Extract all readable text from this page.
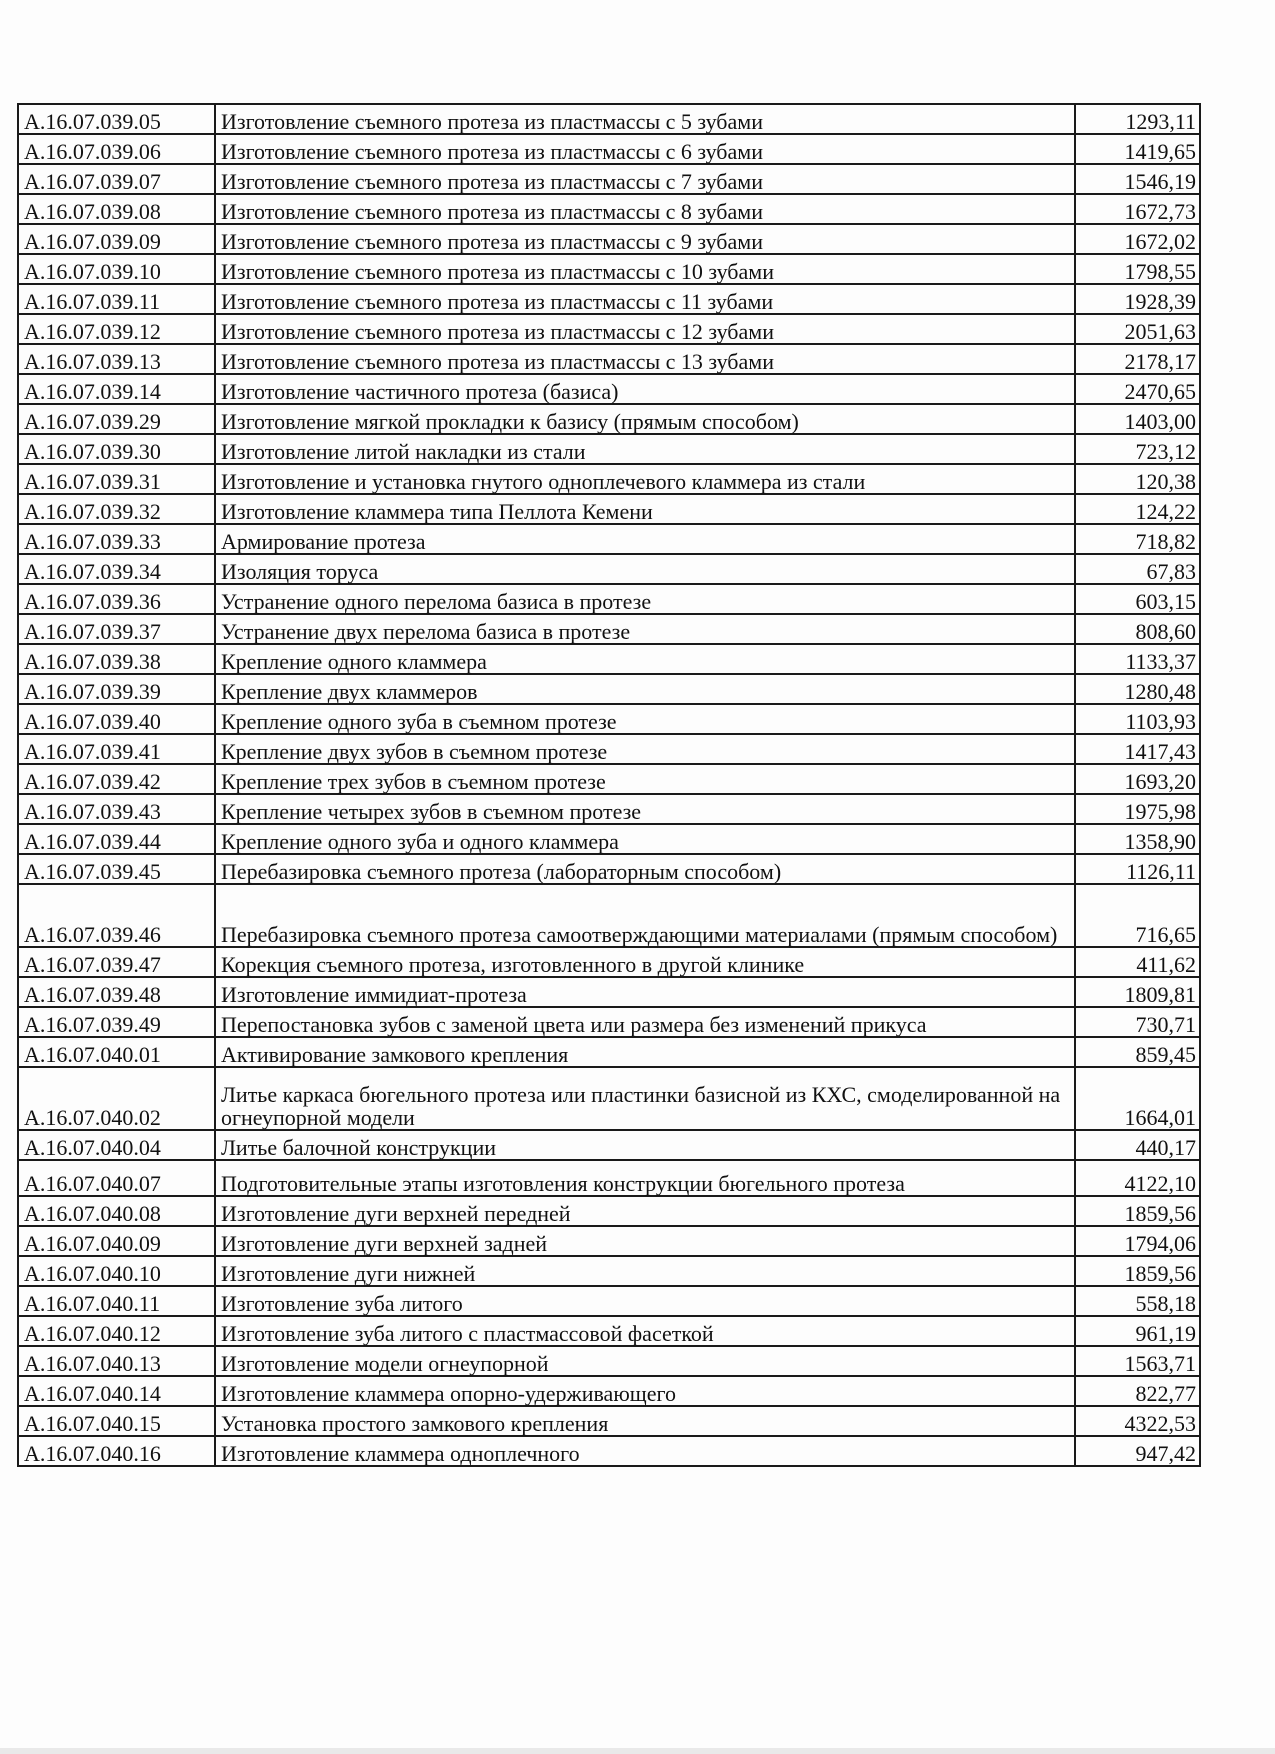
A.16.07.039.05	Изготовление съемного протеза из пластмассы с 5 зубами	1293,11
A.16.07.039.06	Изготовление съемного протеза из пластмассы с 6 зубами	1419,65
A.16.07.039.07	Изготовление съемного протеза из пластмассы с 7 зубами	1546,19
A.16.07.039.08	Изготовление съемного протеза из пластмассы с 8 зубами	1672,73
A.16.07.039.09	Изготовление съемного протеза из пластмассы с 9 зубами	1672,02
A.16.07.039.10	Изготовление съемного протеза из пластмассы с 10 зубами	1798,55
A.16.07.039.11	Изготовление съемного протеза из пластмассы с 11 зубами	1928,39
A.16.07.039.12	Изготовление съемного протеза из пластмассы с 12 зубами	2051,63
A.16.07.039.13	Изготовление съемного протеза из пластмассы с 13 зубами	2178,17
A.16.07.039.14	Изготовление частичного протеза (базиса)	2470,65
A.16.07.039.29	Изготовление мягкой прокладки к базису (прямым способом)	1403,00
A.16.07.039.30	Изготовление литой накладки из стали	723,12
A.16.07.039.31	Изготовление и установка гнутого одноплечевого кламмера из стали	120,38
A.16.07.039.32	Изготовление кламмера типа Пеллота Кемени	124,22
A.16.07.039.33	Армирование протеза	718,82
A.16.07.039.34	Изоляция торуса	67,83
A.16.07.039.36	Устранение одного перелома базиса в протезе	603,15
A.16.07.039.37	Устранение двух перелома базиса в протезе	808,60
A.16.07.039.38	Крепление одного кламмера	1133,37
A.16.07.039.39	Крепление двух кламмеров	1280,48
A.16.07.039.40	Крепление одного зуба в съемном протезе	1103,93
A.16.07.039.41	Крепление двух зубов в съемном протезе	1417,43
A.16.07.039.42	Крепление трех зубов в съемном протезе	1693,20
A.16.07.039.43	Крепление четырех зубов в съемном протезе	1975,98
A.16.07.039.44	Крепление одного зуба и одного кламмера	1358,90
A.16.07.039.45	Перебазировка съемного протеза (лабораторным способом)	1126,11
A.16.07.039.46	Перебазировка съемного протеза самоотверждающими материалами (прямым способом)	716,65
A.16.07.039.47	Корекция съемного протеза, изготовленного в другой клинике	411,62
A.16.07.039.48	Изготовление иммидиат-протеза	1809,81
A.16.07.039.49	Перепостановка зубов с заменой цвета или размера без изменений прикуса	730,71
A.16.07.040.01	Активирование замкового крепления	859,45
A.16.07.040.02	Литье каркаса бюгельного протеза или пластинки базисной из КХС, смоделированной на огнеупорной модели	1664,01
A.16.07.040.04	Литье балочной конструкции	440,17
A.16.07.040.07	Подготовительные этапы изготовления конструкции бюгельного протеза	4122,10
A.16.07.040.08	Изготовление дуги верхней передней	1859,56
A.16.07.040.09	Изготовление дуги верхней задней	1794,06
A.16.07.040.10	Изготовление дуги нижней	1859,56
A.16.07.040.11	Изготовление зуба литого	558,18
A.16.07.040.12	Изготовление зуба литого с пластмассовой фасеткой	961,19
A.16.07.040.13	Изготовление модели огнеупорной	1563,71
A.16.07.040.14	Изготовление кламмера опорно-удерживающего	822,77
A.16.07.040.15	Установка простого замкового крепления	4322,53
A.16.07.040.16	Изготовление кламмера одноплечного	947,42
